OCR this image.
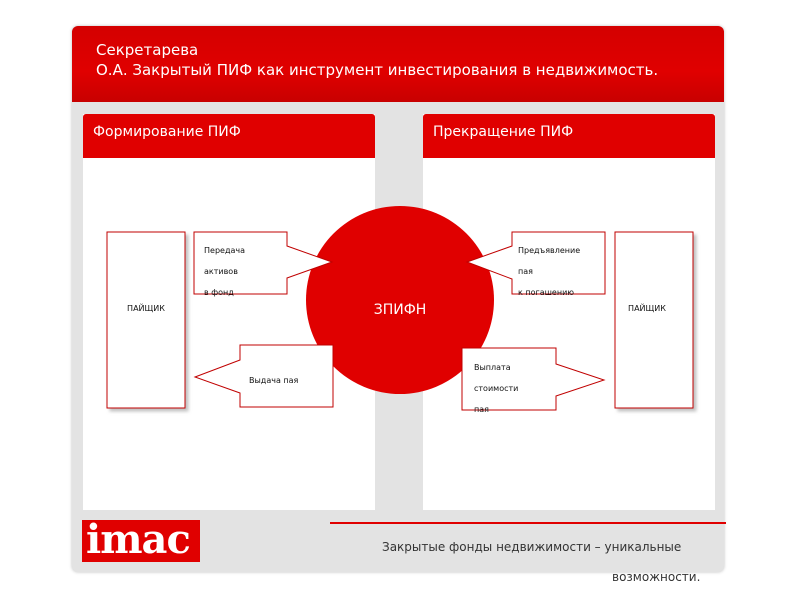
Секретарева
О.А. Закрытый ПИФ как инструмент инвестирования в недвижимость.
Формирование ПИФ	Прекращение ПИФ
ЗПИФН
ПАЙЩИК	ПАЙЩИК
Передача
активов
в фонд
Выдача пая
Предъявление
пая
к погашению
Выплата
стоимости
пая
imac	Закрытые фонды недвижимости – уникальные
возможности.
